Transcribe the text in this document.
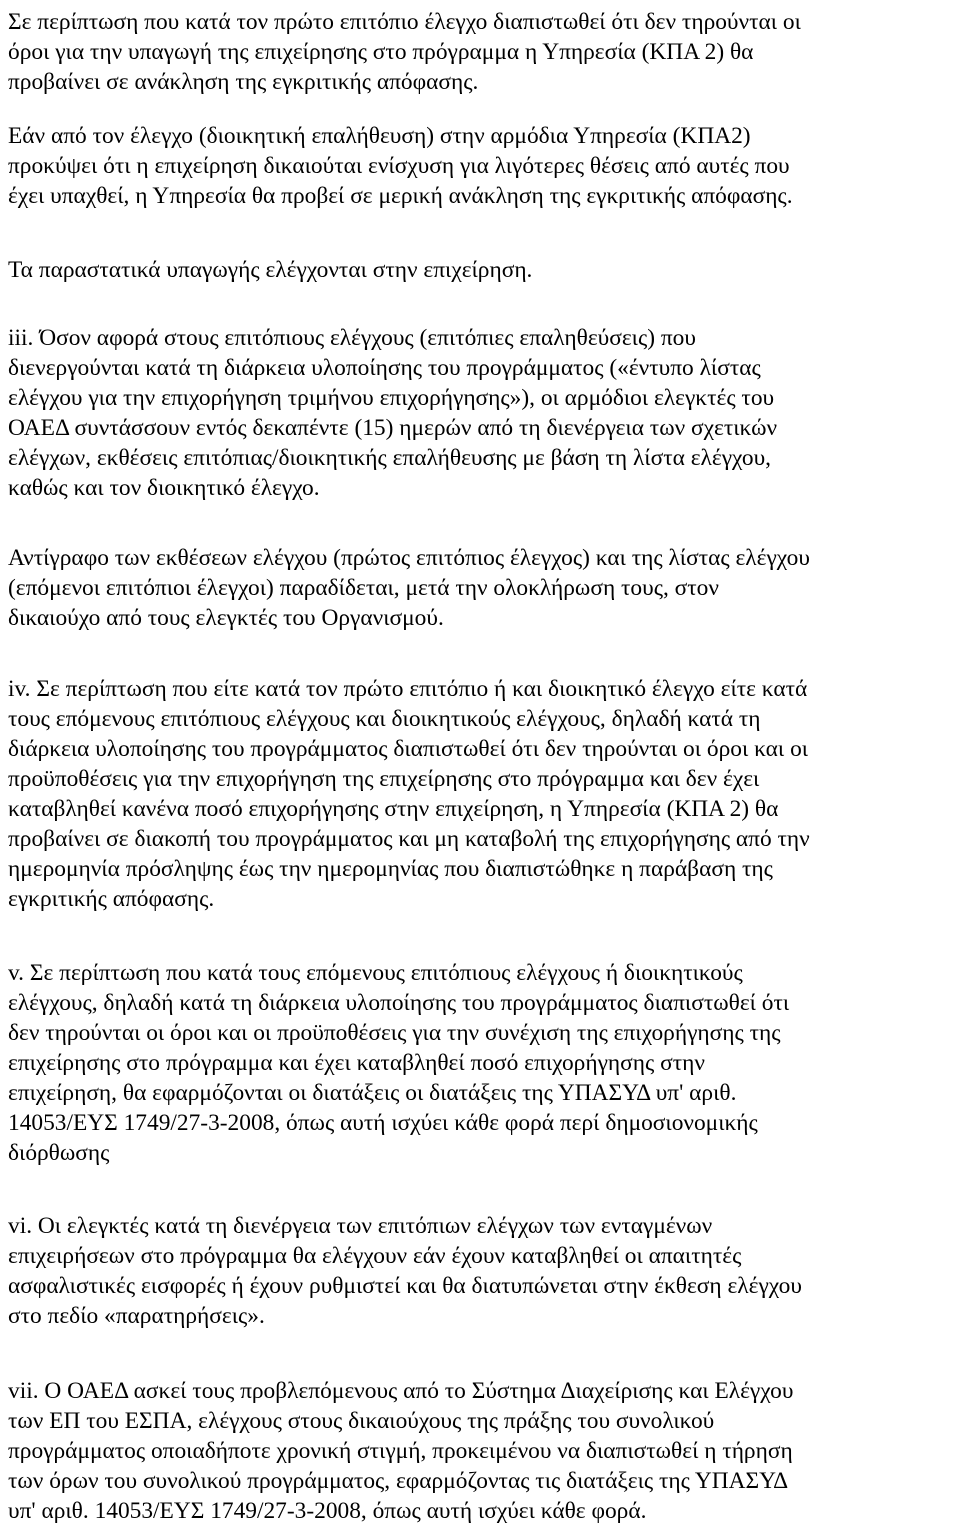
Σε περίπτωση που κατά τον πρώτο επιτόπιο έλεγχο διαπιστωθεί ότι δεν τηρούνται οι
όροι για την υπαγωγή της επιχείρησης στο πρόγραμμα η Υπηρεσία (ΚΠΑ 2) θα
προβαίνει σε ανάκληση της εγκριτικής απόφασης.
Εάν από τον έλεγχο (διοικητική επαλήθευση) στην αρμόδια Υπηρεσία (ΚΠΑ2)
προκύψει ότι η επιχείρηση δικαιούται ενίσχυση για λιγότερες θέσεις από αυτές που
έχει υπαχθεί, η Υπηρεσία θα προβεί σε μερική ανάκληση της εγκριτικής απόφασης.
Τα παραστατικά υπαγωγής ελέγχονται στην επιχείρηση.
iii. Όσον αφορά στους επιτόπιους ελέγχους (επιτόπιες επαληθεύσεις) που
διενεργούνται κατά τη διάρκεια υλοποίησης του προγράμματος («έντυπο λίστας
ελέγχου για την επιχορήγηση τριμήνου επιχορήγησης»), οι αρμόδιοι ελεγκτές του
ΟΑΕΔ συντάσσουν εντός δεκαπέντε (15) ημερών από τη διενέργεια των σχετικών
ελέγχων, εκθέσεις επιτόπιας/διοικητικής επαλήθευσης με βάση τη λίστα ελέγχου,
καθώς και τον διοικητικό έλεγχο.
Αντίγραφο των εκθέσεων ελέγχου (πρώτος επιτόπιος έλεγχος) και της λίστας ελέγχου
(επόμενοι επιτόπιοι έλεγχοι) παραδίδεται, μετά την ολοκλήρωση τους, στον
δικαιούχο από τους ελεγκτές του Οργανισμού.
iv. Σε περίπτωση που είτε κατά τον πρώτο επιτόπιο ή και διοικητικό έλεγχο είτε κατά
τους επόμενους επιτόπιους ελέγχους και διοικητικούς ελέγχους, δηλαδή κατά τη
διάρκεια υλοποίησης του προγράμματος διαπιστωθεί ότι δεν τηρούνται οι όροι και οι
προϋποθέσεις για την επιχορήγηση της επιχείρησης στο πρόγραμμα και δεν έχει
καταβληθεί κανένα ποσό επιχορήγησης στην επιχείρηση, η Υπηρεσία (ΚΠΑ 2) θα
προβαίνει σε διακοπή του προγράμματος και μη καταβολή της επιχορήγησης από την
ημερομηνία πρόσληψης έως την ημερομηνίας που διαπιστώθηκε η παράβαση της
εγκριτικής απόφασης.
v. Σε περίπτωση που κατά τους επόμενους επιτόπιους ελέγχους ή διοικητικούς
ελέγχους, δηλαδή κατά τη διάρκεια υλοποίησης του προγράμματος διαπιστωθεί ότι
δεν τηρούνται οι όροι και οι προϋποθέσεις για την συνέχιση της επιχορήγησης της
επιχείρησης στο πρόγραμμα και έχει καταβληθεί ποσό επιχορήγησης στην
επιχείρηση, θα εφαρμόζονται οι διατάξεις οι διατάξεις της ΥΠΑΣΥΔ υπ' αριθ.
14053/ΕΥΣ 1749/27-3-2008, όπως αυτή ισχύει κάθε φορά περί δημοσιονομικής
διόρθωσης
vi. Οι ελεγκτές κατά τη διενέργεια των επιτόπιων ελέγχων των ενταγμένων
επιχειρήσεων στο πρόγραμμα θα ελέγχουν εάν έχουν καταβληθεί οι απαιτητές
ασφαλιστικές εισφορές ή έχουν ρυθμιστεί και θα διατυπώνεται στην έκθεση ελέγχου
στο πεδίο «παρατηρήσεις».
vii. Ο ΟΑΕΔ ασκεί τους προβλεπόμενους από το Σύστημα Διαχείρισης και Ελέγχου
των ΕΠ του ΕΣΠΑ, ελέγχους στους δικαιούχους της πράξης του συνολικού
προγράμματος οποιαδήποτε χρονική στιγμή, προκειμένου να διαπιστωθεί η τήρηση
των όρων του συνολικού προγράμματος, εφαρμόζοντας τις διατάξεις της ΥΠΑΣΥΔ
υπ' αριθ. 14053/ΕΥΣ 1749/27-3-2008, όπως αυτή ισχύει κάθε φορά.
